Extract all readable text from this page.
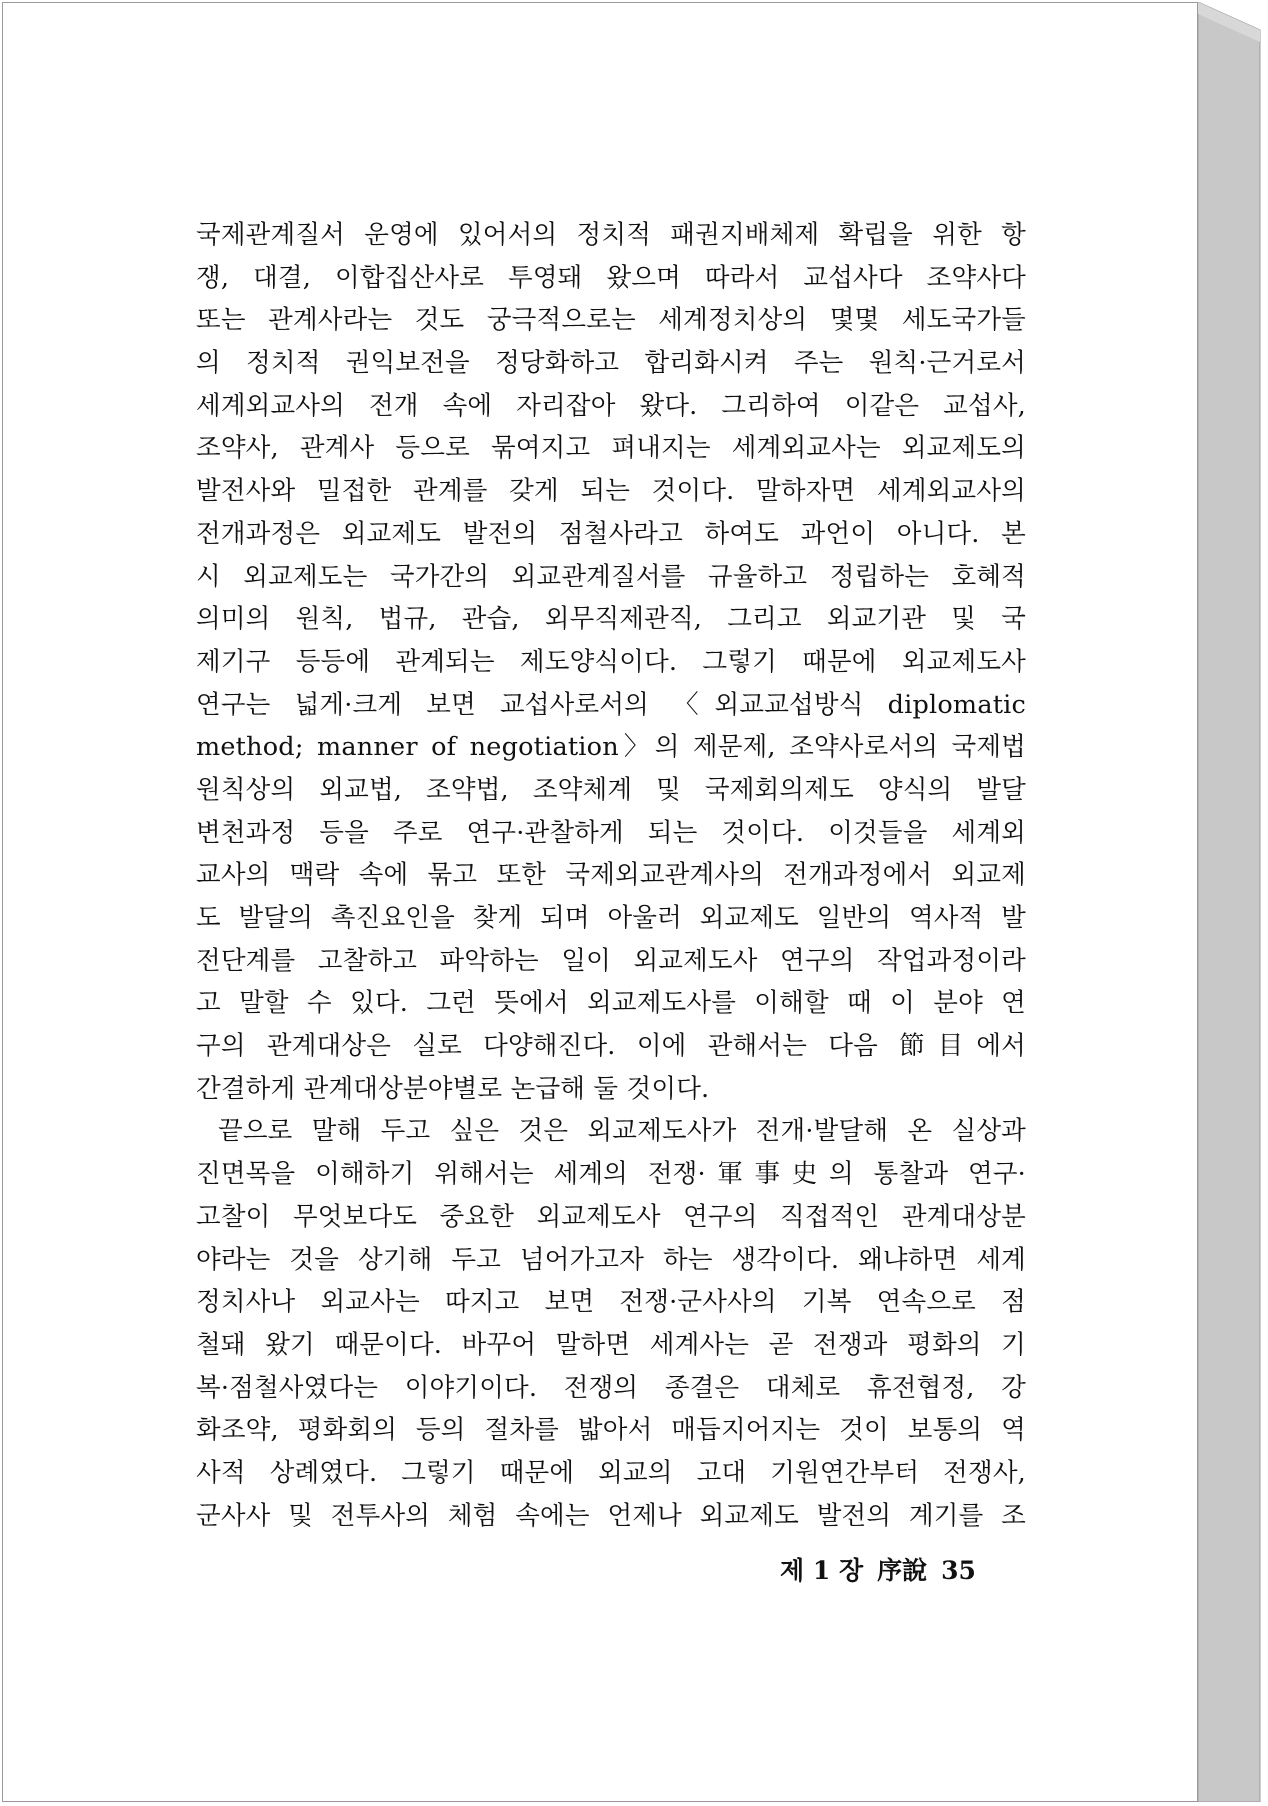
국제관계질서 운영에 있어서의 정치적 패권지배체제 확립을 위한 항
쟁, 대결, 이합집산사로 투영돼 왔으며 따라서 교섭사다 조약사다
또는 관계사라는 것도 궁극적으로는 세계정치상의 몇몇 세도국가들
의 정치적 권익보전을 정당화하고 합리화시켜 주는 원칙·근거로서
세계외교사의 전개 속에 자리잡아 왔다. 그리하여 이같은 교섭사,
조약사, 관계사 등으로 묶여지고 펴내지는 세계외교사는 외교제도의
발전사와 밀접한 관계를 갖게 되는 것이다. 말하자면 세계외교사의
전개과정은 외교제도 발전의 점철사라고 하여도 과언이 아니다. 본
시 외교제도는 국가간의 외교관계질서를 규율하고 정립하는 호혜적
의미의 원칙, 법규, 관습, 외무직제관직, 그리고 외교기관 및 국
제기구 등등에 관계되는 제도양식이다. 그렇기 때문에 외교제도사
연구는 넓게·크게 보면 교섭사로서의 〈외교교섭방식 diplomatic
method; manner of negotiation〉의 제문제, 조약사로서의 국제법
원칙상의 외교법, 조약법, 조약체계 및 국제회의제도 양식의 발달
변천과정 등을 주로 연구·관찰하게 되는 것이다. 이것들을 세계외
교사의 맥락 속에 묶고 또한 국제외교관계사의 전개과정에서 외교제
도 발달의 촉진요인을 찾게 되며 아울러 외교제도 일반의 역사적 발
전단계를 고찰하고 파악하는 일이 외교제도사 연구의 작업과정이라
고 말할 수 있다. 그런 뜻에서 외교제도사를 이해할 때 이 분야 연
구의 관계대상은 실로 다양해진다. 이에 관해서는 다음 節目에서
간결하게 관계대상분야별로 논급해 둘 것이다.
끝으로 말해 두고 싶은 것은 외교제도사가 전개·발달해 온 실상과
진면목을 이해하기 위해서는 세계의 전쟁·軍事史의 통찰과 연구·
고찰이 무엇보다도 중요한 외교제도사 연구의 직접적인 관계대상분
야라는 것을 상기해 두고 넘어가고자 하는 생각이다. 왜냐하면 세계
정치사나 외교사는 따지고 보면 전쟁·군사사의 기복 연속으로 점
철돼 왔기 때문이다. 바꾸어 말하면 세계사는 곧 전쟁과 평화의 기
복·점철사였다는 이야기이다. 전쟁의 종결은 대체로 휴전협정, 강
화조약, 평화회의 등의 절차를 밟아서 매듭지어지는 것이 보통의 역
사적 상례였다. 그렇기 때문에 외교의 고대 기원연간부터 전쟁사,
군사사 및 전투사의 체험 속에는 언제나 외교제도 발전의 계기를 조
제 1 장 序說 35
